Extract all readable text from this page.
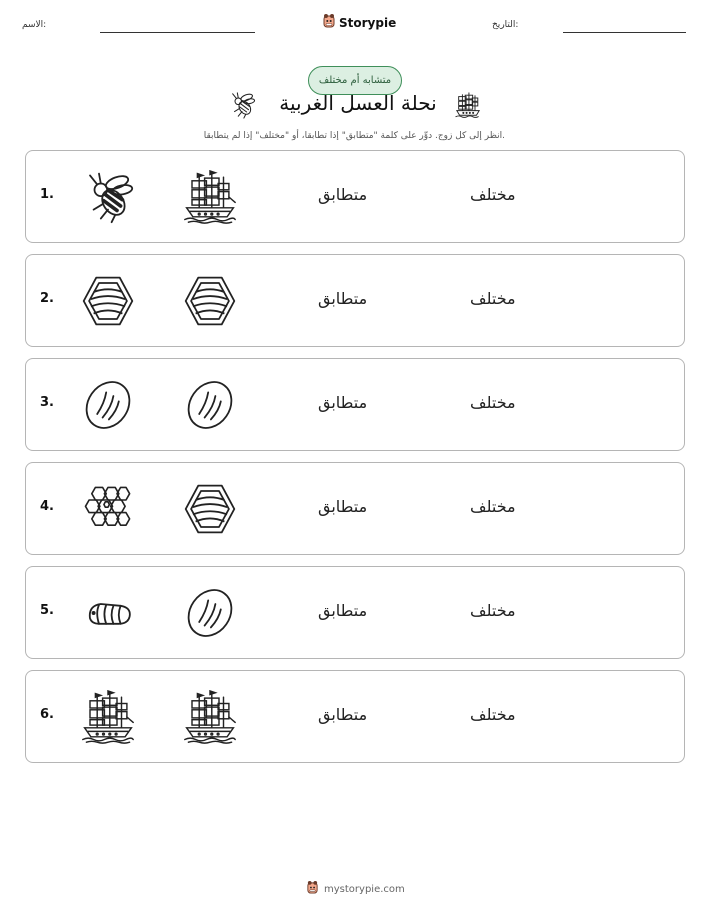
الاسم:	Storypie	التاريخ:
متشابه أم مختلف
نحلة العسل الغربية
انظر إلى كل زوج. دوِّر على كلمة "متطابق" إذا تطابقا، أو "مختلف" إذا لم يتطابقا.
1.	متطابق	مختلف
2.	متطابق	مختلف
3.	متطابق	مختلف
4.	متطابق	مختلف
5.	متطابق	مختلف
6.	متطابق	مختلف
mystorypie.com
